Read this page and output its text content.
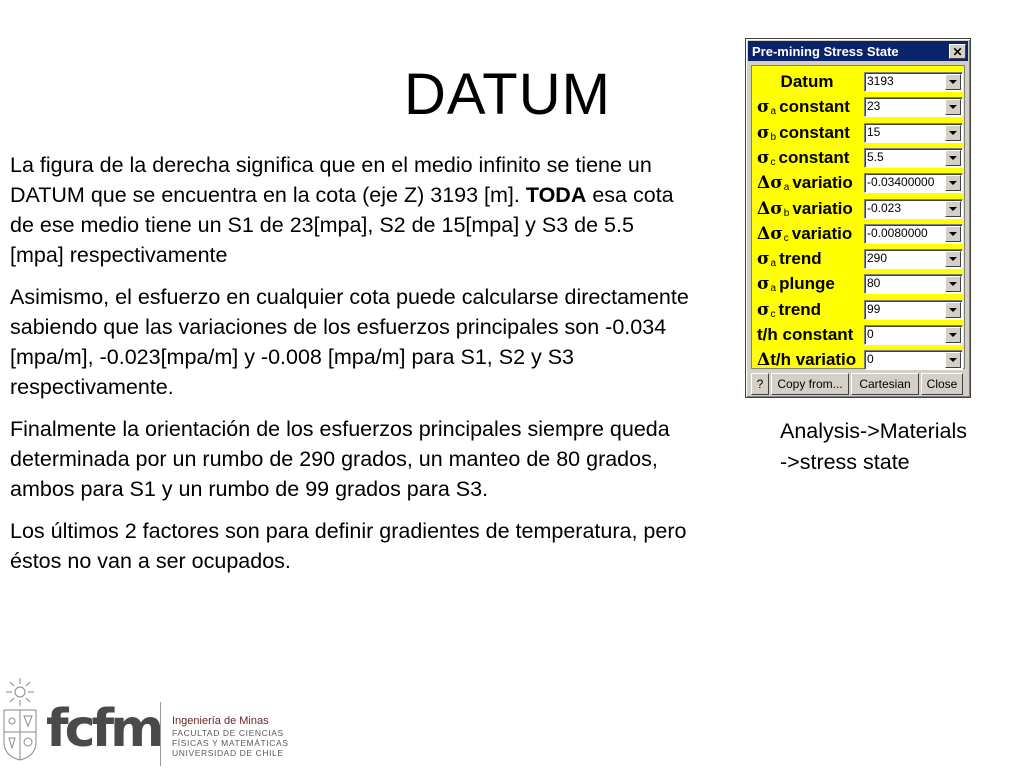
DATUM

La figura de la derecha significa que en el medio infinito se tiene un DATUM que se encuentra en la cota (eje Z) 3193 [m]. TODA esa cota de ese medio tiene un S1 de 23[mpa], S2 de 15[mpa] y S3 de 5.5 [mpa] respectivamente

Asimismo, el esfuerzo en cualquier cota puede calcularse directamente sabiendo que las variaciones de los esfuerzos principales son -0.034 [mpa/m], -0.023[mpa/m] y -0.008 [mpa/m] para S1, S2 y S3 respectivamente.

Finalmente la orientación de los esfuerzos principales siempre queda determinada por un rumbo de 290 grados, un manteo de 80 grados, ambos para S1 y un rumbo de 99 grados para S3.

Los últimos 2 factores son para definir gradientes de temperatura, pero éstos no van a ser ocupados.

Pre-mining Stress State	✕
Datum	3193
σ a constant 23
σ b constant 15
σ c constant 5.5
Δ σ a variatio -0.03400000
Δ σ b variatio -0.023
Δ σ c variatio -0.0080000
σ a trend	290
σ a plunge	80
σ c trend	99
t/h constant 0
Δ t/h variatio 0
?	Copy from...	Cartesian	Close
Analysis->Materials
->stress state
fcfm Ingeniería de Minas
FACULTAD DE CIENCIAS
FÍSICAS Y MATEMÁTICAS
UNIVERSIDAD DE CHILE
